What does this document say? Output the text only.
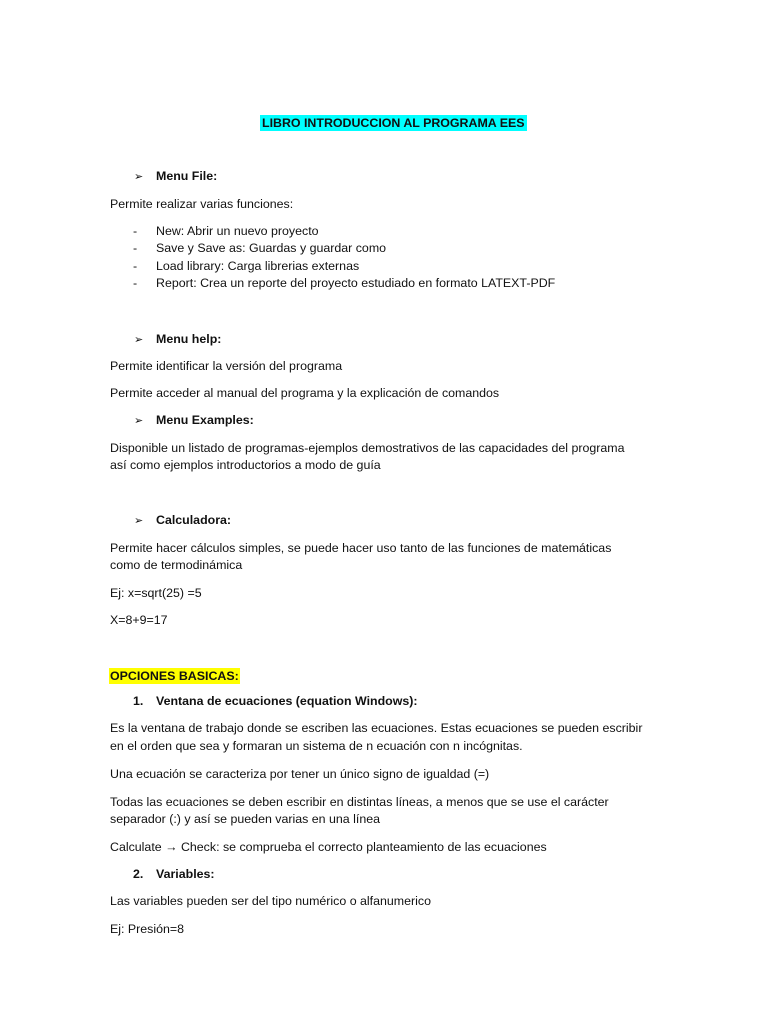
LIBRO INTRODUCCION AL PROGRAMA EES
➢ Menu File:
Permite realizar varias funciones:
- New: Abrir un nuevo proyecto
- Save y Save as: Guardas y guardar como
- Load library: Carga librerias externas
- Report: Crea un reporte del proyecto estudiado en formato LATEXT-PDF
➢ Menu help:
Permite identificar la versión del programa
Permite acceder al manual del programa y la explicación de comandos
➢ Menu Examples:
Disponible un listado de programas-ejemplos demostrativos de las capacidades del programa
así como ejemplos introductorios a modo de guía
➢ Calculadora:
Permite hacer cálculos simples, se puede hacer uso tanto de las funciones de matemáticas
como de termodinámica
Ej: x=sqrt(25) =5
X=8+9=17
OPCIONES BASICAS:
1. Ventana de ecuaciones (equation Windows):
Es la ventana de trabajo donde se escriben las ecuaciones. Estas ecuaciones se pueden escribir
en el orden que sea y formaran un sistema de n ecuación con n incógnitas.
Una ecuación se caracteriza por tener un único signo de igualdad (=)
Todas las ecuaciones se deben escribir en distintas líneas, a menos que se use el carácter
separador (:) y así se pueden varias en una línea
Calculate → Check: se comprueba el correcto planteamiento de las ecuaciones
2. Variables:
Las variables pueden ser del tipo numérico o alfanumerico
Ej: Presión=8
